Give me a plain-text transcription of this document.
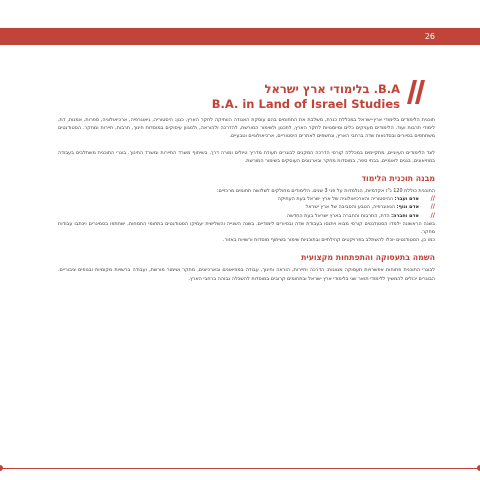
26
B.A. בלימודי ארץ ישראל
B.A. in Land of Israel Studies

תוכנית הלימודים בלימודי ארץ-ישראל במכללת כנרת, משלבת את התחומים בהם עוסקת האגודה הוותיקה לחקר הארץ, כגון: היסטוריה, גיאוגרפיה, ארכיאולוגיה, ספרות, אמנות, דת, לימודי תרבות ועוד. הלימודים מעניקים כלים ומיומנויות לחקר הארץ, לתכנון ולשימור המורשת, להדרכה ולהוראה, ולמגוון עיסוקים במוסדות חינוך, תרבות, תיירות ומחקר. הסטודנטים משתתפים בסיורים ובסדנאות שדה ברחבי הארץ, ונחשפים לאתרים היסטוריים, ארכיאולוגיים וטבעיים.

לצד הלימודים העיוניים, מתקיימים במכללה קורסי הדרכה המקנים לבוגרים תעודת מדריך טיולים ומורה דרך, בשיתוף משרד התיירות ומשרד החינוך. בוגרי התוכנית משתלבים בעבודה במוזיאונים, בגנים לאומיים, בבתי ספר, במוסדות מחקר ובארגונים העוסקים בשימור המורשת.

מבנה תוכנית הלימוד

התוכנית כוללת 120 נ"ז אקדמיות, הנלמדות על פני 3 שנים. הלימודים מחולקים לשלושה תחומים מרכזיים:

//
אדם ועבר: ההיסטוריה והארכיאולוגיה של ארץ ישראל בעת העתיקה
//
אדם ונוף: הגאוגרפיה, הטבע והסביבה של ארץ ישראל
//
אדם וחברה: הדת, התרבות והחברה בארץ ישראל בעת החדשה

בשנה הראשונה ילמדו הסטודנטים קורסי מבוא ויתנסו בעבודת שדה ובסיורים לימודיים. בשנה השנייה והשלישית יעמיקו הסטודנטים בתחומי התמחות, ישתתפו בסמינרים ויכתבו עבודות מחקר.

כמו כן, הסטודנטים יוכלו להשתלב בפרויקטים קהילתיים ובתוכניות שימור בשיתוף מוסדות ורשויות באזור.

השמה בתעסוקה והתפתחות מקצועית

לבוגרי התוכנית פתוחות אפשרויות תעסוקה מגוונות: הדרכה ותיירות, הוראה וחינוך, עבודה במוזיאונים ובארכיונים, מחקר ושימור מורשת, ועבודה ברשויות מקומיות ובגופים ציבוריים. הבוגרים יכולים להמשיך ללימודי תואר שני בלימודי ארץ ישראל ובתחומים קרובים במוסדות להשכלה גבוהה ברחבי הארץ.
